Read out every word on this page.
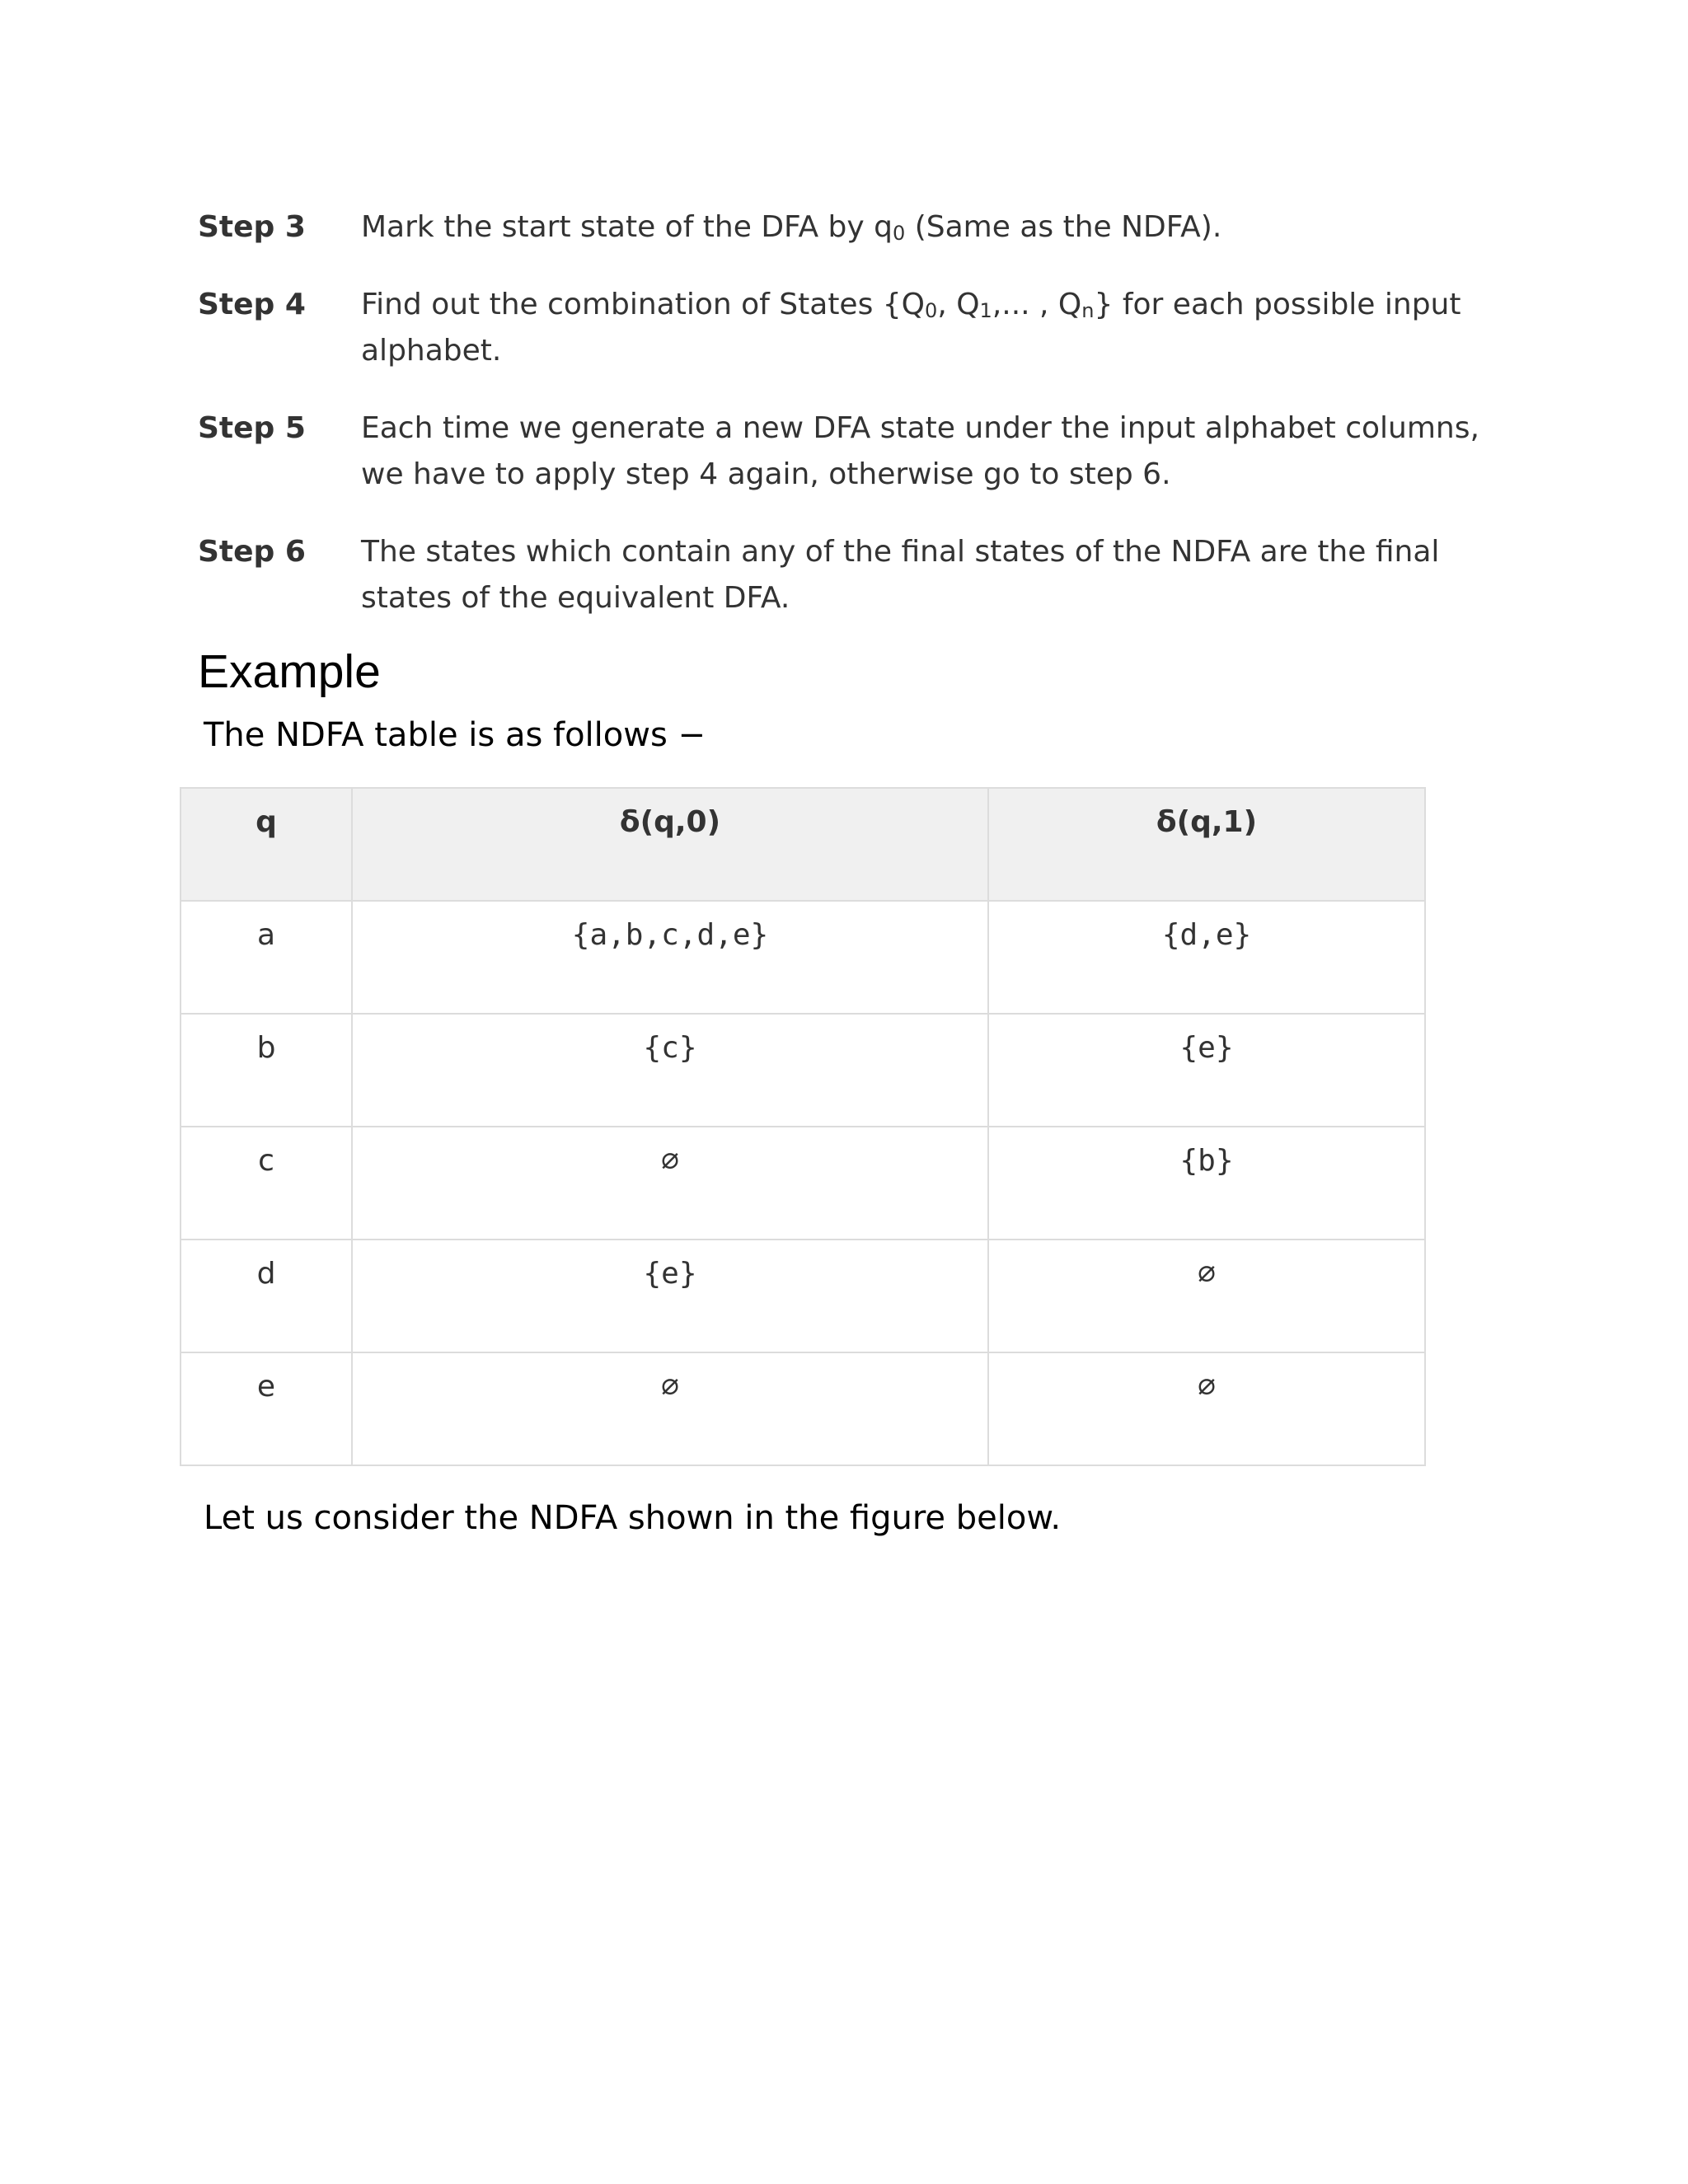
Step 3	Mark the start state of the DFA by q0 (Same as the NDFA).
Step 4	Find out the combination of States {Q0, Q1,... , Qn} for each possible input alphabet.
Step 5	Each time we generate a new DFA state under the input alphabet columns, we have to apply step 4 again, otherwise go to step 6.
Step 6	The states which contain any of the final states of the NDFA are the final states of the equivalent DFA.
Example

The NDFA table is as follows −

q	δ(q,0)	δ(q,1)
a	{a,b,c,d,e}	{d,e}
b	{c}	{e}
c	∅	{b}
d	{e}	∅
e	∅	∅

Let us consider the NDFA shown in the figure below.
